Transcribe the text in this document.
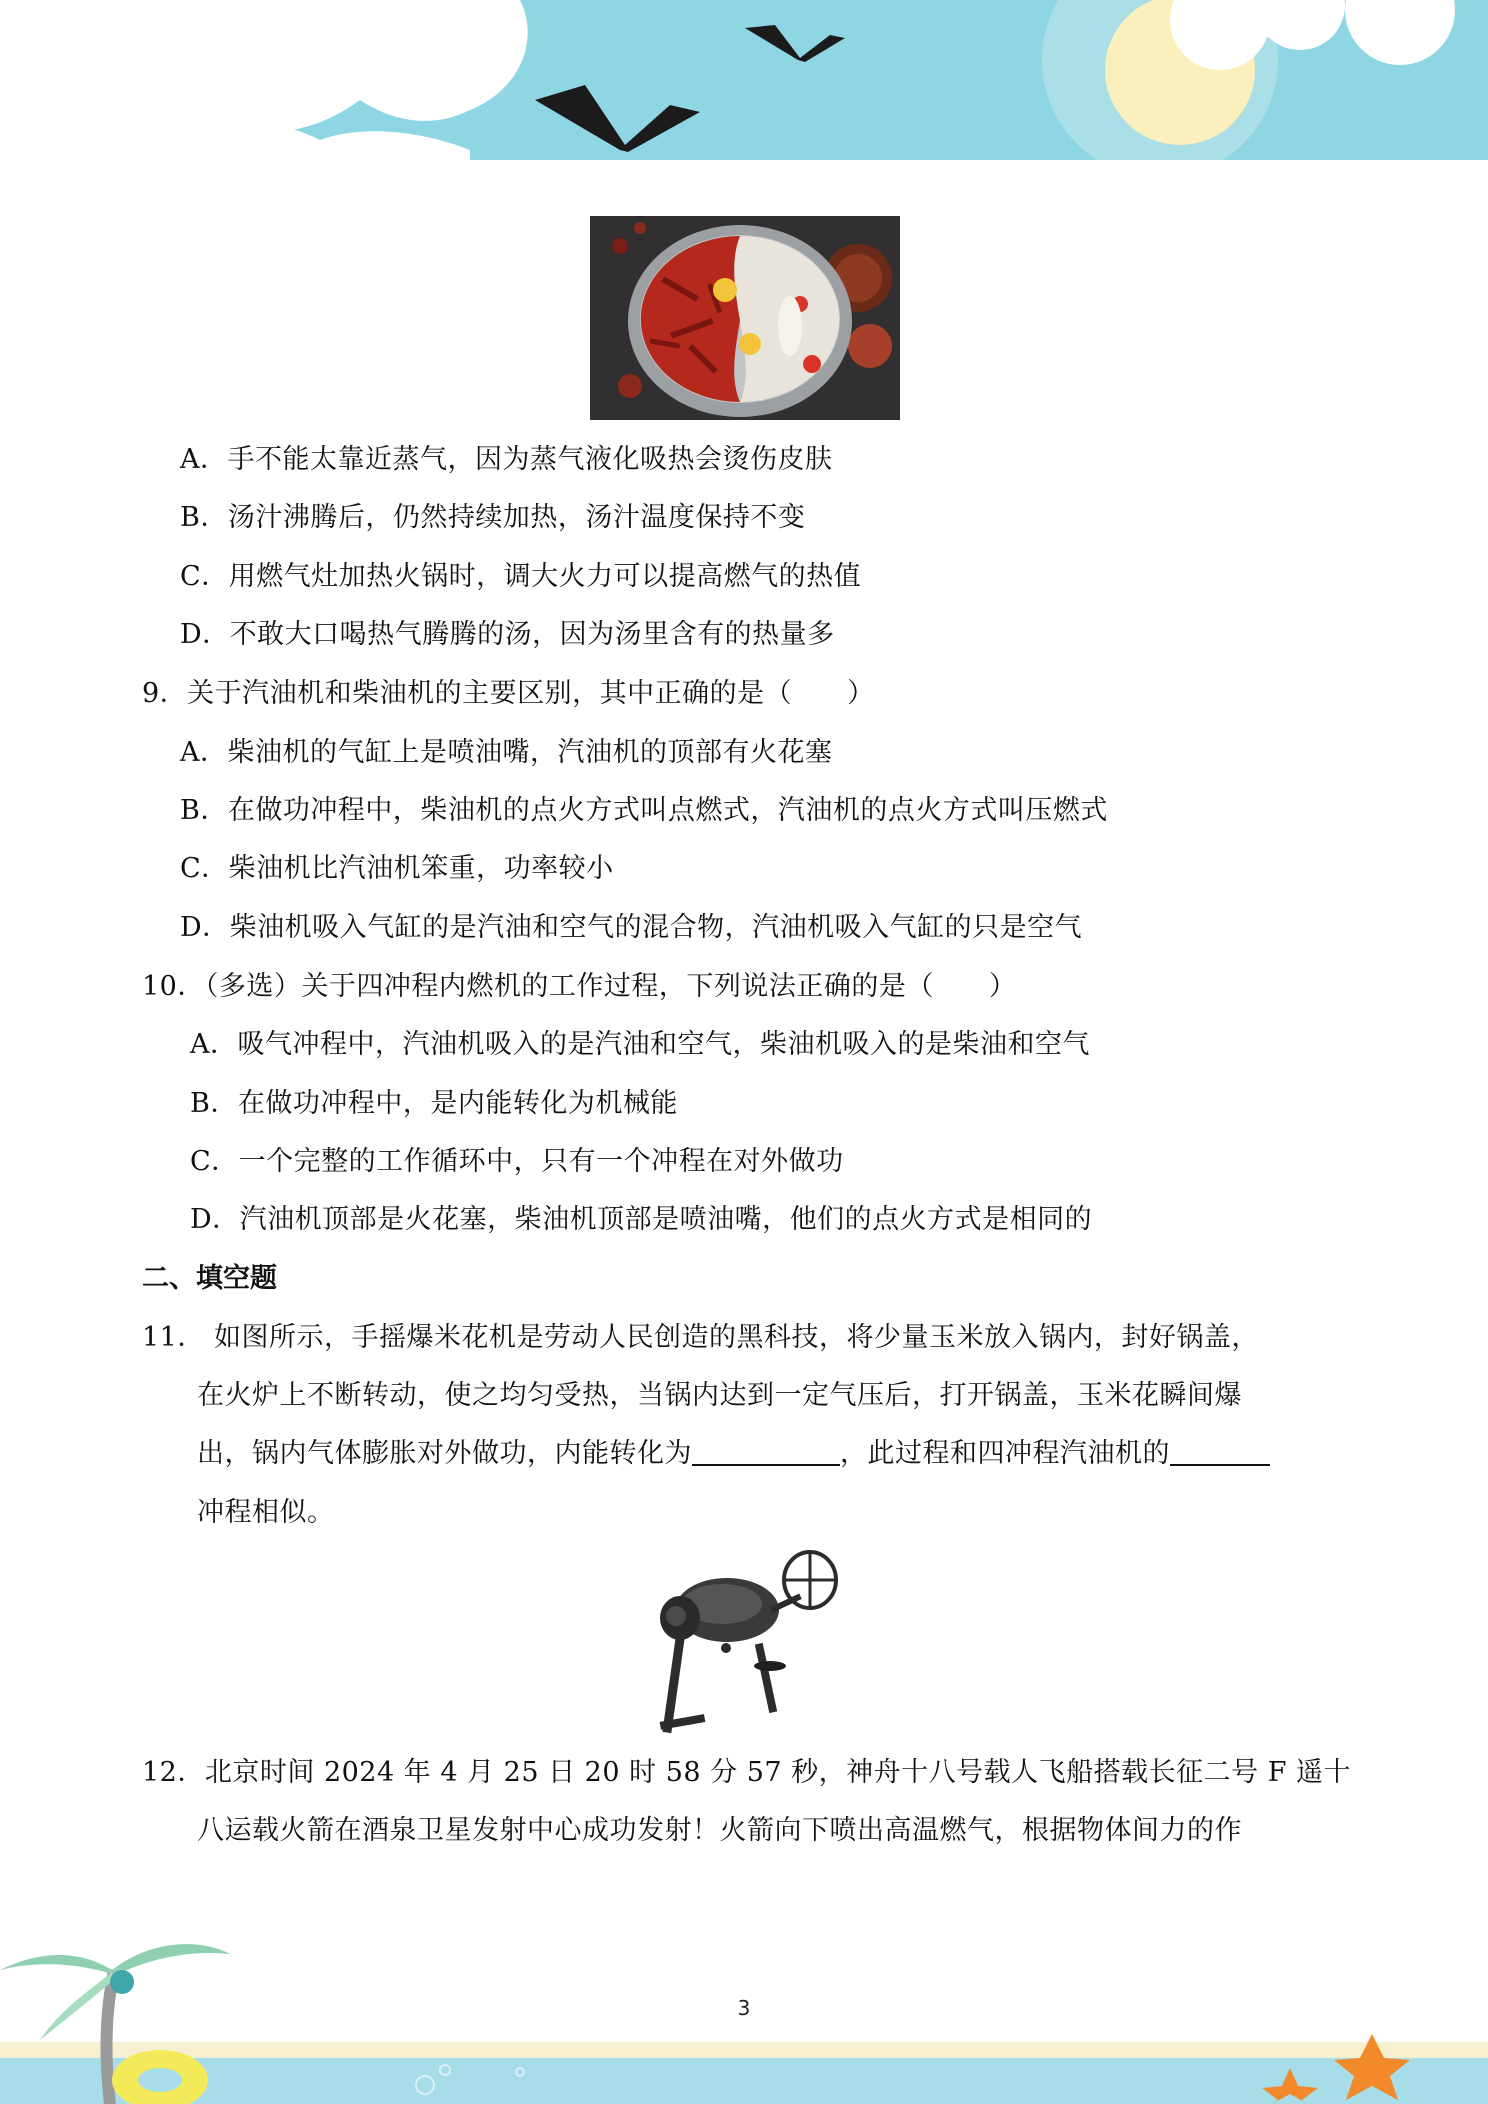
A．手不能太靠近蒸气，因为蒸气液化吸热会烫伤皮肤
B．汤汁沸腾后，仍然持续加热，汤汁温度保持不变
C．用燃气灶加热火锅时，调大火力可以提高燃气的热值
D．不敢大口喝热气腾腾的汤，因为汤里含有的热量多
9．关于汽油机和柴油机的主要区别，其中正确的是（　　）
A．柴油机的气缸上是喷油嘴，汽油机的顶部有火花塞
B．在做功冲程中，柴油机的点火方式叫点燃式，汽油机的点火方式叫压燃式
C．柴油机比汽油机笨重，功率较小
D．柴油机吸入气缸的是汽油和空气的混合物，汽油机吸入气缸的只是空气
10．（多选）关于四冲程内燃机的工作过程，下列说法正确的是（　　）
A．吸气冲程中，汽油机吸入的是汽油和空气，柴油机吸入的是柴油和空气
B．在做功冲程中，是内能转化为机械能
C．一个完整的工作循环中，只有一个冲程在对外做功
D．汽油机顶部是火花塞，柴油机顶部是喷油嘴，他们的点火方式是相同的
二、填空题
11． 如图所示，手摇爆米花机是劳动人民创造的黑科技，将少量玉米放入锅内，封好锅盖，
在火炉上不断转动，使之均匀受热，当锅内达到一定气压后，打开锅盖，玉米花瞬间爆
出，锅内气体膨胀对外做功，内能转化为	，此过程和四冲程汽油机的
冲程相似。
12．北京时间 2024 年 4 月 25 日 20 时 58 分 57 秒，神舟十八号载人飞船搭载长征二号 F 遥十
八运载火箭在酒泉卫星发射中心成功发射！火箭向下喷出高温燃气，根据物体间力的作
3
